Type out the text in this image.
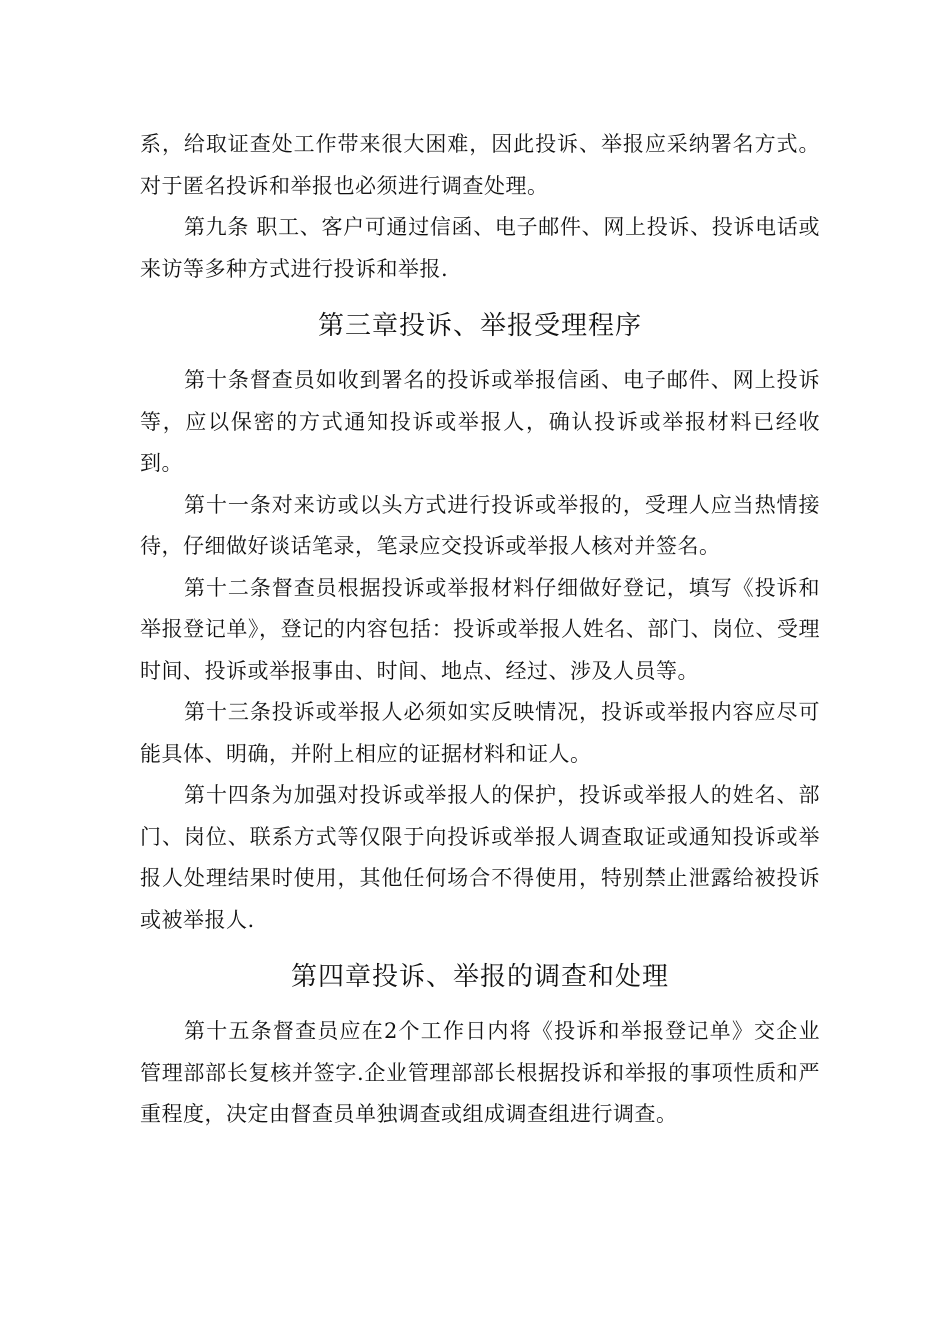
系，给取证查处工作带来很大困难，因此投诉、举报应采纳署名方式。对于匿名投诉和举报也必须进行调查处理。

第九条 职工、客户可通过信函、电子邮件、网上投诉、投诉电话或来访等多种方式进行投诉和举报.

第三章投诉、举报受理程序

第十条督查员如收到署名的投诉或举报信函、电子邮件、网上投诉等，应以保密的方式通知投诉或举报人，确认投诉或举报材料已经收到。

第十一条对来访或以头方式进行投诉或举报的，受理人应当热情接待，仔细做好谈话笔录，笔录应交投诉或举报人核对并签名。

第十二条督查员根据投诉或举报材料仔细做好登记，填写《投诉和举报登记单》，登记的内容包括：投诉或举报人姓名、部门、岗位、受理时间、投诉或举报事由、时间、地点、经过、涉及人员等。

第十三条投诉或举报人必须如实反映情况，投诉或举报内容应尽可能具体、明确，并附上相应的证据材料和证人。

第十四条为加强对投诉或举报人的保护，投诉或举报人的姓名、部门、岗位、联系方式等仅限于向投诉或举报人调查取证或通知投诉或举报人处理结果时使用，其他任何场合不得使用，特别禁止泄露给被投诉或被举报人.

第四章投诉、举报的调查和处理

第十五条督查员应在2个工作日内将《投诉和举报登记单》交企业管理部部长复核并签字.企业管理部部长根据投诉和举报的事项性质和严重程度，决定由督查员单独调查或组成调查组进行调查。
